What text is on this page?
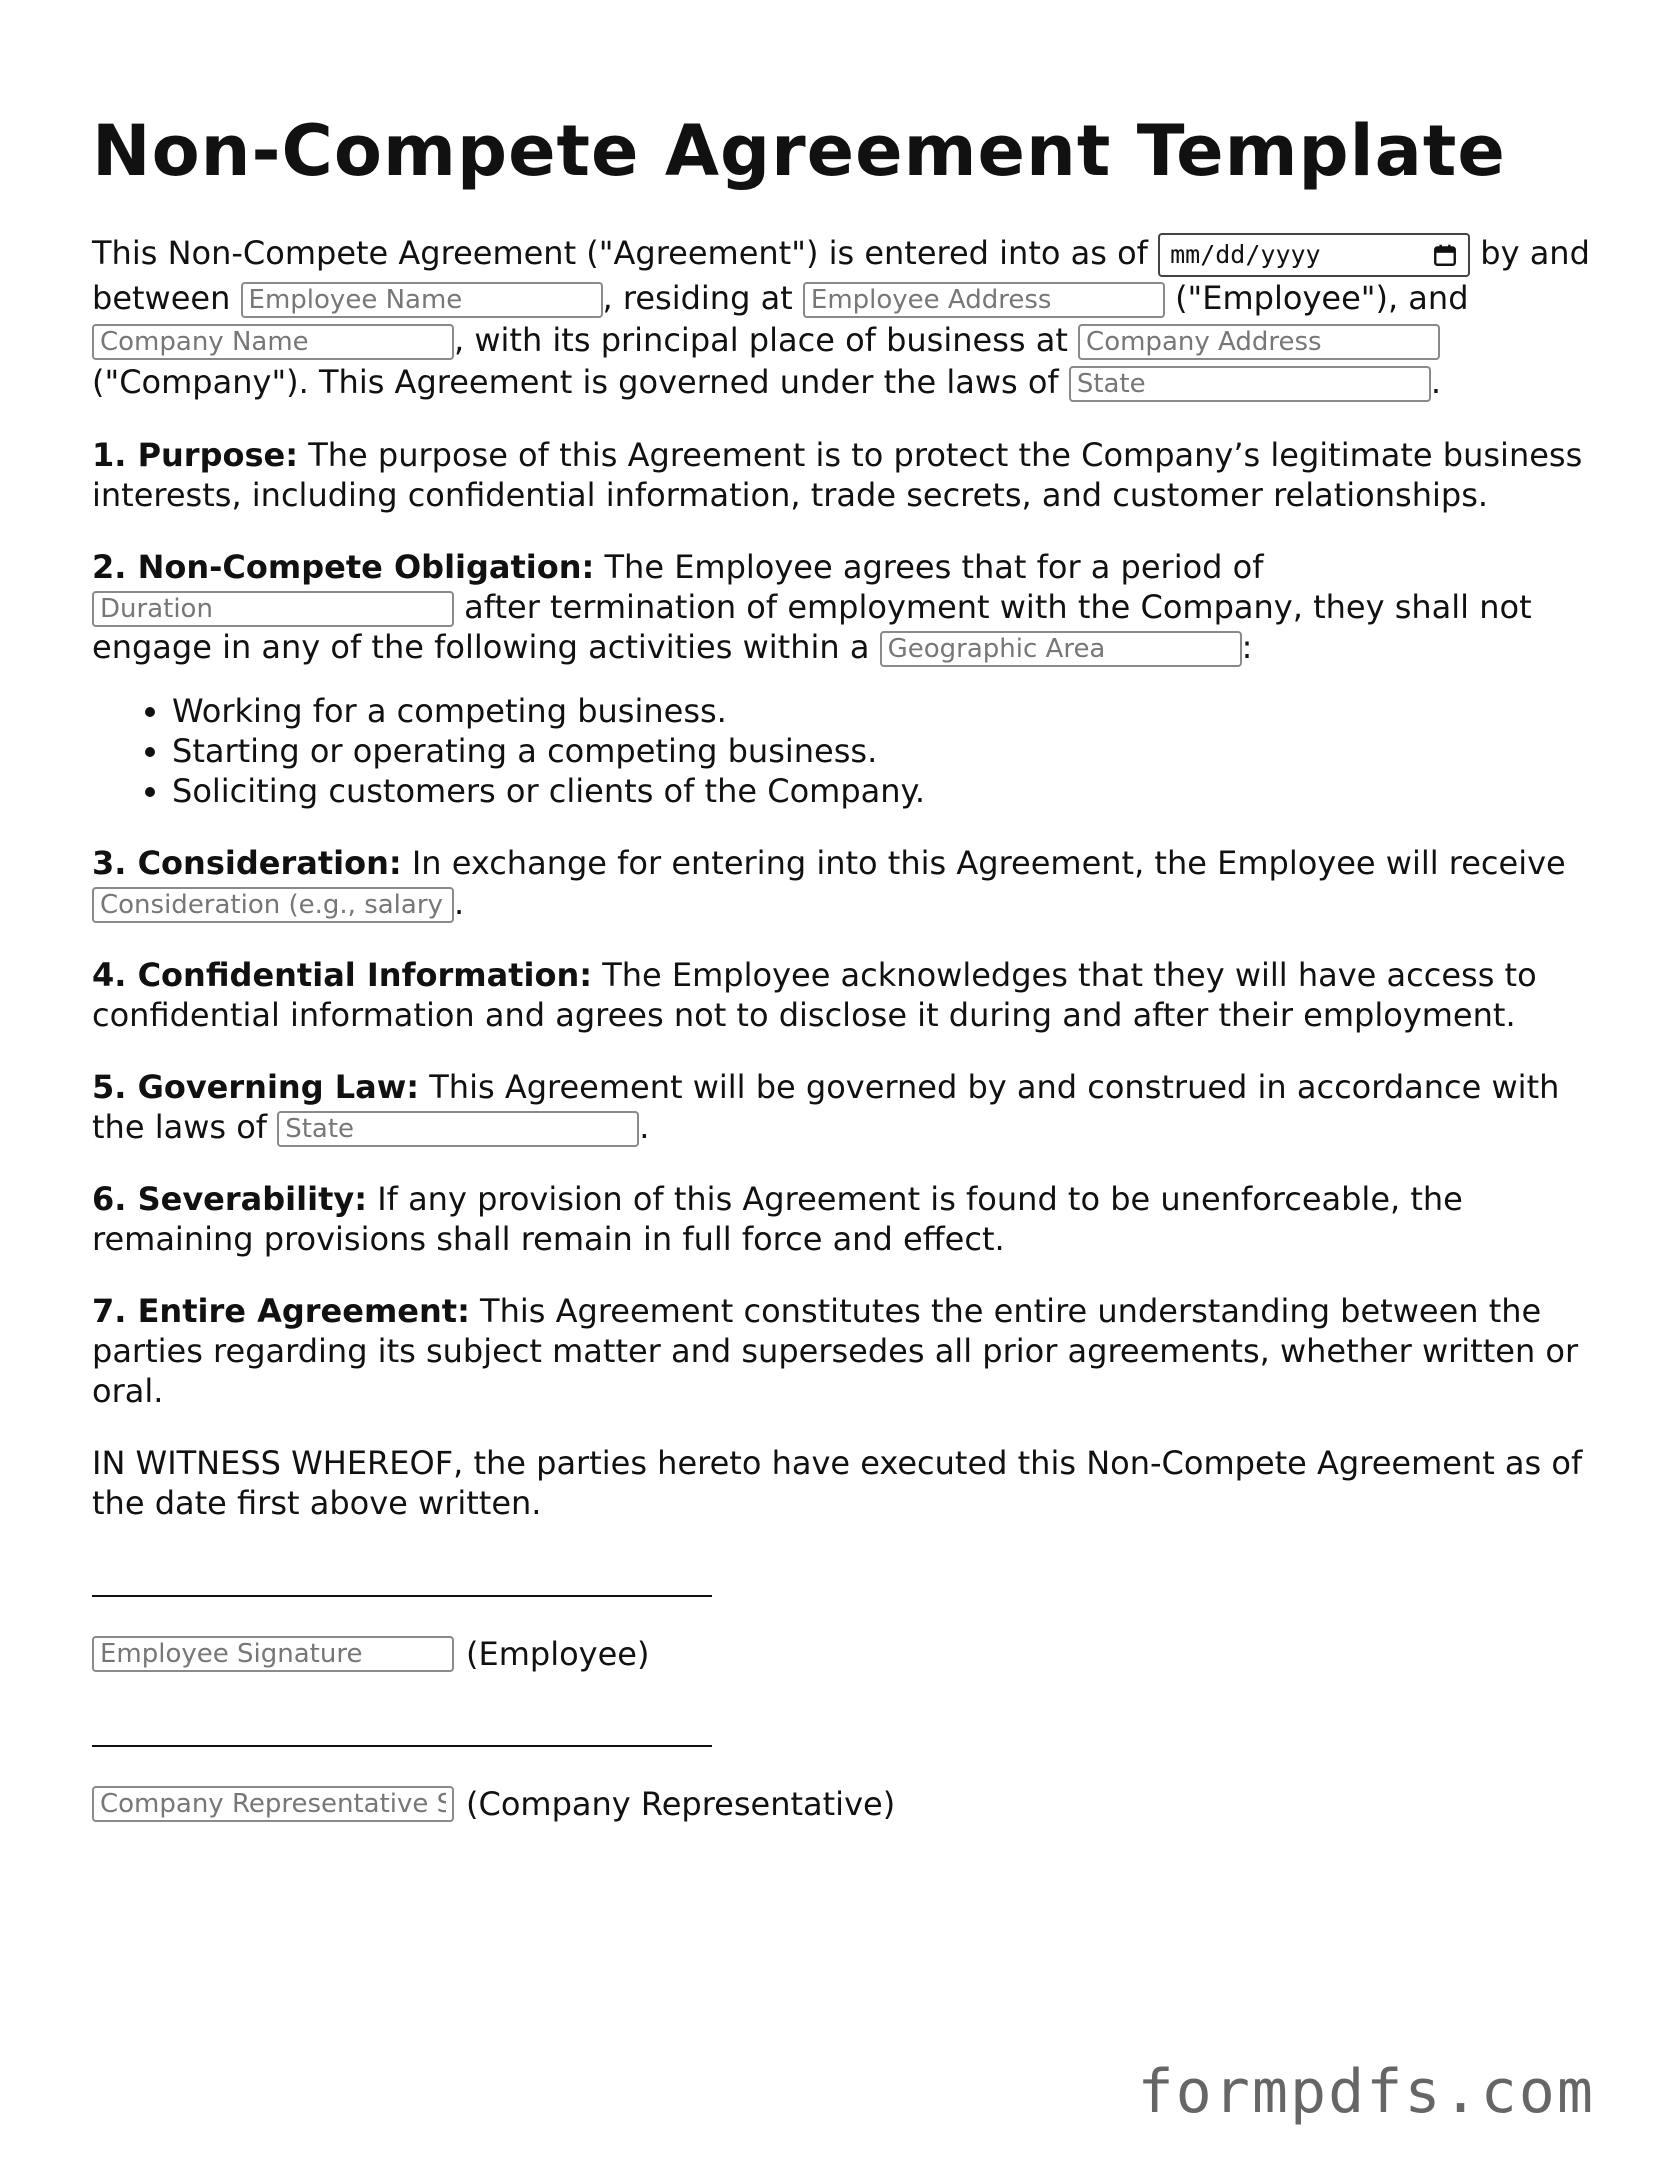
Non-Compete Agreement Template

This Non-Compete Agreement ("Agreement") is entered into as of mm/dd/yyyy	by and between Employee Name	, residing at Employee Address	("Employee"), and Company Name, with its principal place of business at Company Address ("Company"). This Agreement is governed under the laws of State	.

1. Purpose: The purpose of this Agreement is to protect the Company’s legitimate business interests, including confidential information, trade secrets, and customer relationships.

2. Non-Compete Obligation: The Employee agrees that for a period of Duration after termination of employment with the Company, they shall not engage in any of the following activities within a Geographic Area	:

• Working for a competing business.
• Starting or operating a competing business.
• Soliciting customers or clients of the Company.

3. Consideration: In exchange for entering into this Agreement, the Employee will receive Consideration (e.g., salary.

4. Confidential Information: The Employee acknowledges that they will have access to confidential information and agrees not to disclose it during and after their employment.

5. Governing Law: This Agreement will be governed by and construed in accordance with the laws of State	.

6. Severability: If any provision of this Agreement is found to be unenforceable, the remaining provisions shall remain in full force and effect.

7. Entire Agreement: This Agreement constitutes the entire understanding between the parties regarding its subject matter and supersedes all prior agreements, whether written or oral.

IN WITNESS WHEREOF, the parties hereto have executed this Non-Compete Agreement as of the date first above written.

Employee Signature
(Employee)
Company Representative Signature
(Company Representative)
formpdfs.com
